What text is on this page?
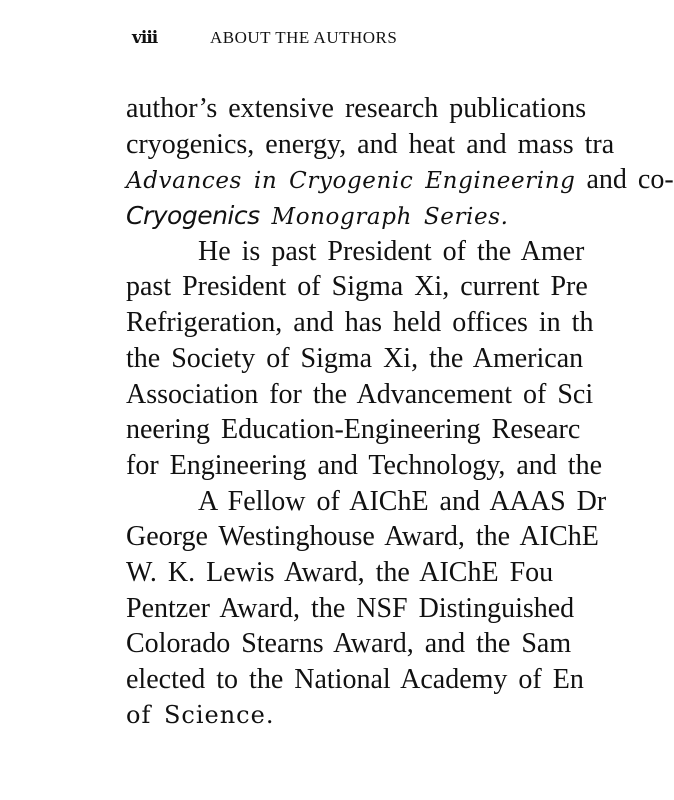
viii	ABOUT THE AUTHORS
author’s extensive research publications
cryogenics, energy, and heat and mass tra
Advances in Cryogenic Engineering and co-
Cryogenics Monograph Series.
He is past President of the Amer
past President of Sigma Xi, current Pre
Refrigeration, and has held offices in th
the Society of Sigma Xi, the American
Association for the Advancement of Sci
neering Education-Engineering Researc
for Engineering and Technology, and the
A Fellow of AIChE and AAAS Dr
George Westinghouse Award, the AIChE
W. K. Lewis Award, the AIChE Fou
Pentzer Award, the NSF Distinguished
Colorado Stearns Award, and the Sam
elected to the National Academy of En
of Science.
